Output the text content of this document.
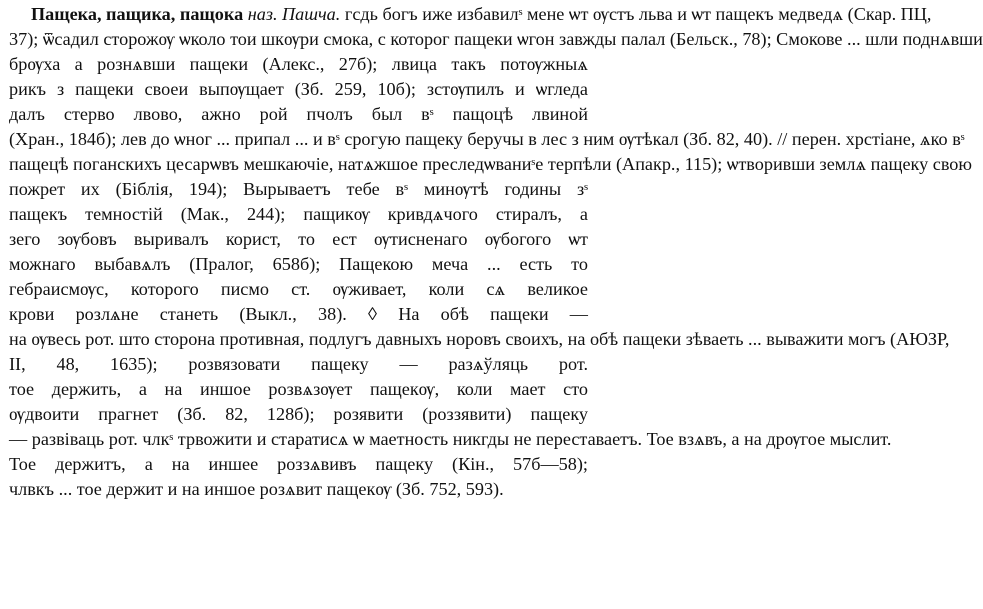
Пащека, пащика, пащока наз. Пашча. гсдь богъ иже избавилˢ мене ѡт ѹстъ льва и ѡт пащекъ медведѧ (Скар. ПЦ,
37); ѿсадил сторожѹ ѡколо тои шкѹри смока, с которог пащеки ѡгон завжды палал (Бельск., 78); Смокове ... шли поднѧвши
брѹха а рознѧвши пащеки (Алекс., 27б); лвица такъ потѹжныѧ
рикъ з пащеки своеи выпѹщает (Зб. 259, 10б); зстѹпилъ и ѡгледа
далъ стерво лвово, ажно рой пчолъ был вˢ пащоцѣ лвиной
(Хран., 184б); лев до ѡног ... припал ... и вˢ срогую пащеку беручы в лес з ним ѹтѣкал (Зб. 82, 40). // перен. хрстіане, ѧко вˢ
пащецѣ поганскихъ цесарѡвъ мешкаючіе, натѧжшое преследѡваниˢе терпѣли (Апакр., 115); ѡтворивши землѧ пащеку свою
пожрет их (Біблія, 194); Вырываетъ тебе вˢ минѹтѣ годины зˢ
пащекъ темностій (Мак., 244); пащикѹ кривдѧчого стиралъ, а
зего зѹбовъ выривалъ корист, то ест ѹтисненаго ѹбогого ѡт
можнаго выбавѧлъ (Пралог, 658б); Пащекою меча ... есть то
гебраисмѹс, которого писмо ст. ѹживает, коли сѧ великое
крови розлѧне станеть (Выкл., 38). ◊ На обѣ пащеки —
на ѹвесь рот. што сторона противная, подлугъ давныхъ норовъ своихъ, на обѣ пащеки зѣваеть ... выважити могъ (АЮЗР,
II, 48, 1635); розвязовати пащеку — разѧўляць рот.
тое держить, а на иншое розвѧзѹет пащекѹ, коли мает сто
ѹдвоити прагнет (Зб. 82, 128б); розявити (роззявити) пащеку
— развіваць рот. члкˢ трвожити и старатисѧ ѡ маетность никгды не переставаетъ. Тое взѧвъ, а на дрѹгое мыслит.
Тое держитъ, а на иншее роззѧвивъ пащеку (Кін., 57б—58);
члвкъ ... тое держит и на иншое розѧвит пащекѹ (Зб. 752, 593).
